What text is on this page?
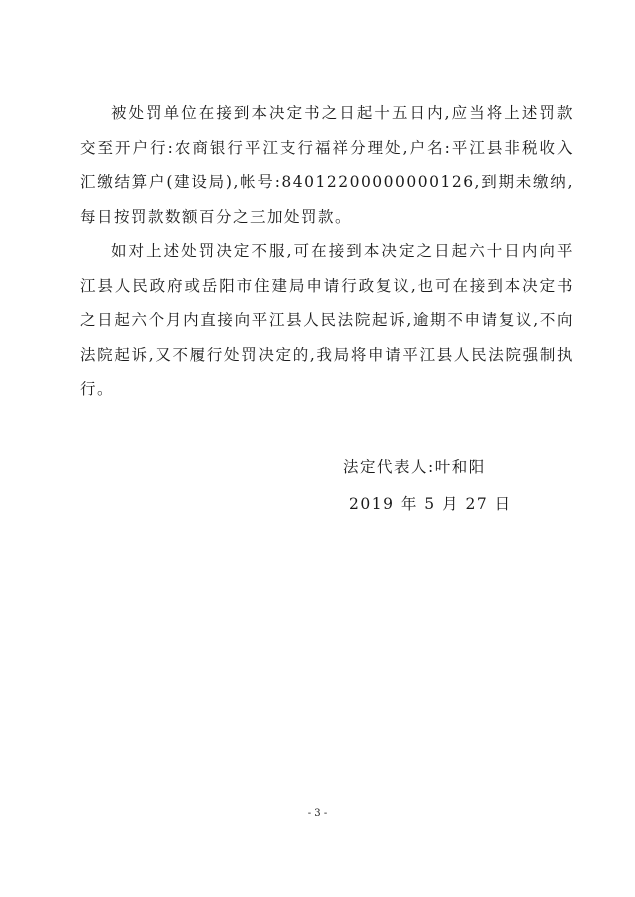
被处罚单位在接到本决定书之日起十五日内,应当将上述罚款交至开户行:农商银行平江支行福祥分理处,户名:平江县非税收入汇缴结算户(建设局),帐号:84012200000000126,到期未缴纳,每日按罚款数额百分之三加处罚款。

如对上述处罚决定不服,可在接到本决定之日起六十日内向平江县人民政府或岳阳市住建局申请行政复议,也可在接到本决定书之日起六个月内直接向平江县人民法院起诉,逾期不申请复议,不向法院起诉,又不履行处罚决定的,我局将申请平江县人民法院强制执行。

法定代表人:叶和阳
2019 年 5 月 27 日
- 3 -
